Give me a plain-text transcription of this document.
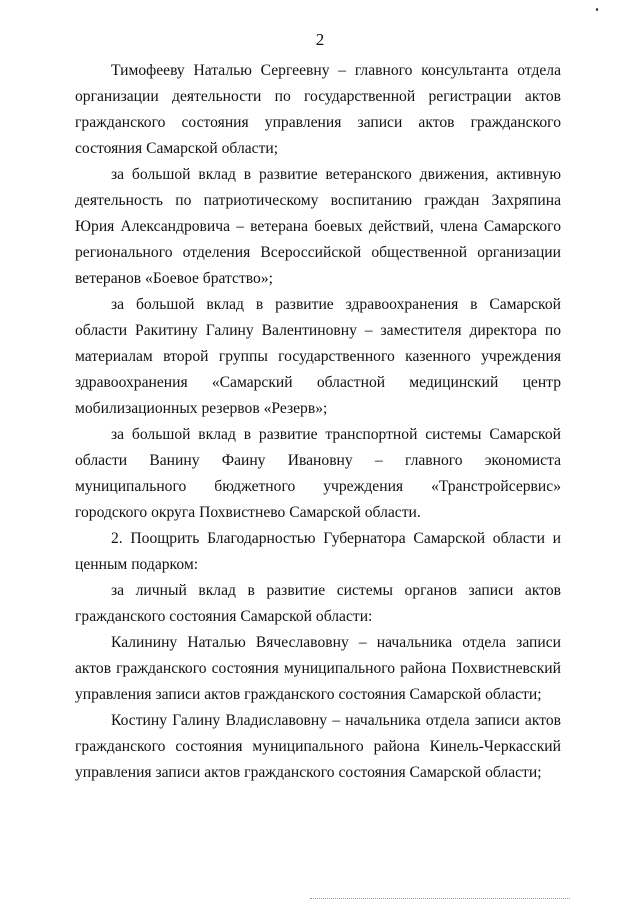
2

Тимофееву Наталью Сергеевну – главного консультанта отдела организации деятельности по государственной регистрации актов гражданского состояния управления записи актов гражданского состояния Самарской области;

за большой вклад в развитие ветеранского движения, активную деятельность по патриотическому воспитанию граждан Захряпина Юрия Александровича – ветерана боевых действий, члена Самарского регионального отделения Всероссийской общественной организации ветеранов «Боевое братство»;

за большой вклад в развитие здравоохранения в Самарской области Ракитину Галину Валентиновну – заместителя директора по материалам второй группы государственного казенного учреждения здравоохранения «Самарский областной медицинский центр мобилизационных резервов «Резерв»;

за большой вклад в развитие транспортной системы Самарской области Ванину Фаину Ивановну – главного экономиста муниципального бюджетного учреждения «Транстройсервис» городского округа Похвистнево Самарской области.

2. Поощрить Благодарностью Губернатора Самарской области и ценным подарком:

за личный вклад в развитие системы органов записи актов гражданского состояния Самарской области:

Калинину Наталью Вячеславовну – начальника отдела записи актов гражданского состояния муниципального района Похвистневский управления записи актов гражданского состояния Самарской области;

Костину Галину Владиславовну – начальника отдела записи актов гражданского состояния муниципального района Кинель-Черкасский управления записи актов гражданского состояния Самарской области;
